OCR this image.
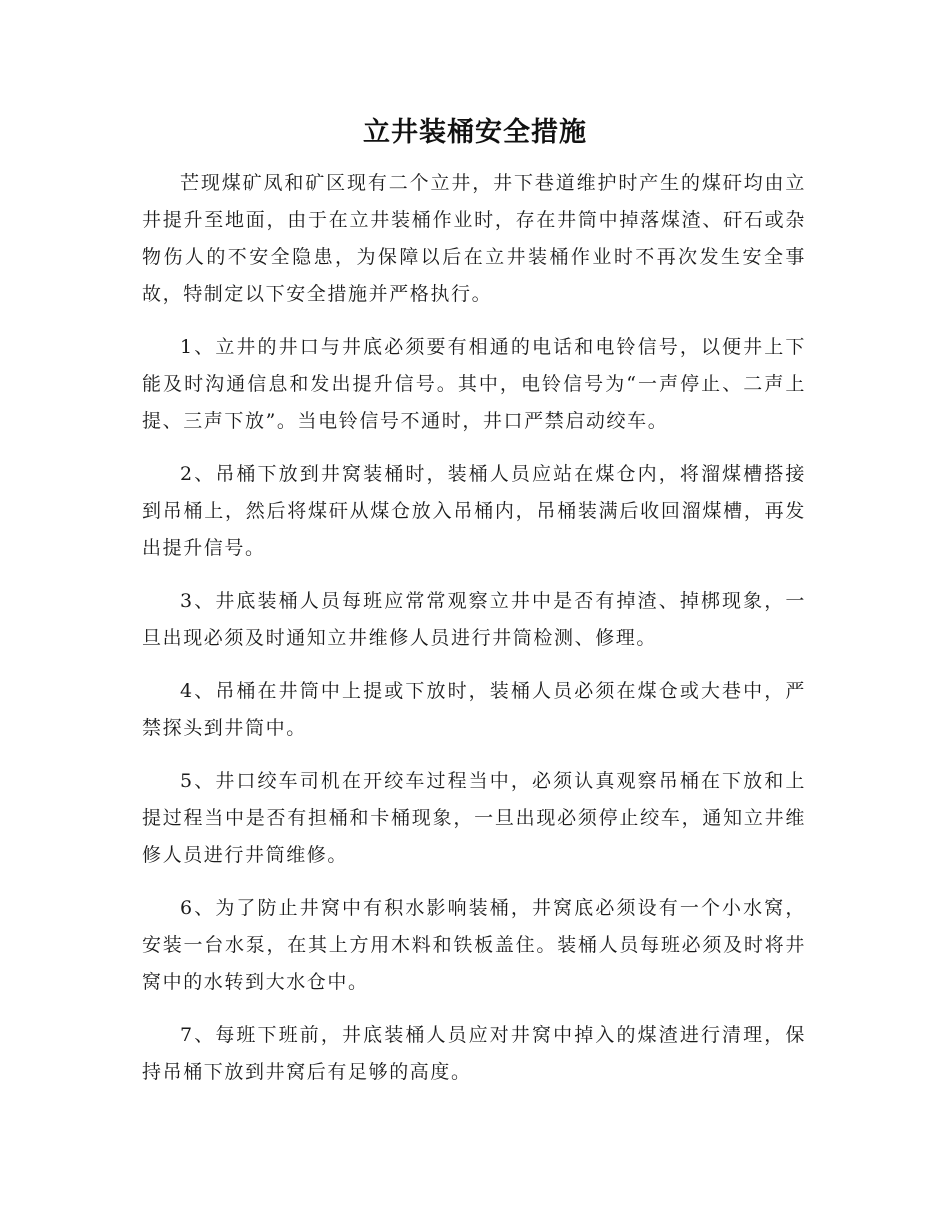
立井装桶安全措施

芒现煤矿凤和矿区现有二个立井，井下巷道维护时产生的煤矸均由立井提升至地面，由于在立井装桶作业时，存在井筒中掉落煤渣、矸石或杂物伤人的不安全隐患，为保障以后在立井装桶作业时不再次发生安全事故，特制定以下安全措施并严格执行。

1、立井的井口与井底必须要有相通的电话和电铃信号，以便井上下能及时沟通信息和发出提升信号。其中，电铃信号为“一声停止、二声上提、三声下放”。当电铃信号不通时，井口严禁启动绞车。

2、吊桶下放到井窝装桶时，装桶人员应站在煤仓内，将溜煤槽搭接到吊桶上，然后将煤矸从煤仓放入吊桶内，吊桶装满后收回溜煤槽，再发出提升信号。

3、井底装桶人员每班应常常观察立井中是否有掉渣、掉梆现象，一旦出现必须及时通知立井维修人员进行井筒检测、修理。

4、吊桶在井筒中上提或下放时，装桶人员必须在煤仓或大巷中，严禁探头到井筒中。

5、井口绞车司机在开绞车过程当中，必须认真观察吊桶在下放和上提过程当中是否有担桶和卡桶现象，一旦出现必须停止绞车，通知立井维修人员进行井筒维修。

6、为了防止井窝中有积水影响装桶，井窝底必须设有一个小水窝，安装一台水泵，在其上方用木料和铁板盖住。装桶人员每班必须及时将井窝中的水转到大水仓中。

7、每班下班前，井底装桶人员应对井窝中掉入的煤渣进行清理，保持吊桶下放到井窝后有足够的高度。
